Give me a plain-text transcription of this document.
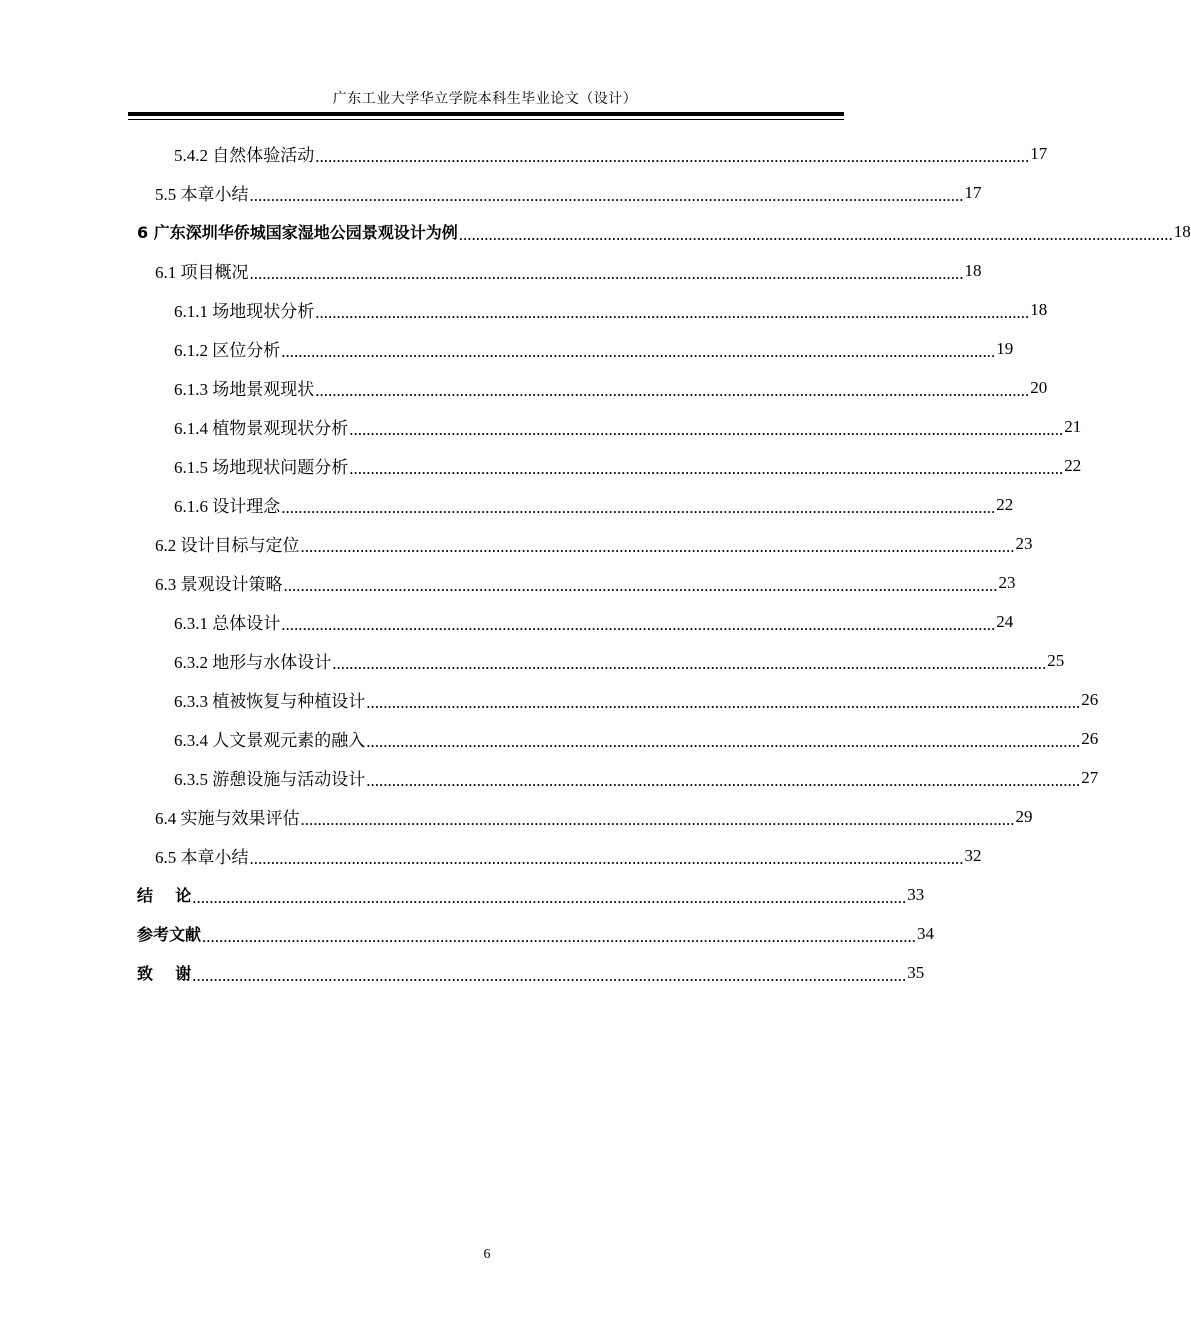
广东工业大学华立学院本科生毕业论文（设计）
5.4.2 自然体验活动 ........................................................................................................................................................................ 17
5.5 本章小结 ........................................................................................................................................................................ 17
6 广东深圳华侨城国家湿地公园景观设计为例 ........................................................................................................................................................................ 18
6.1 项目概况 ........................................................................................................................................................................ 18
6.1.1 场地现状分析 ........................................................................................................................................................................ 18
6.1.2 区位分析 ........................................................................................................................................................................ 19
6.1.3 场地景观现状 ........................................................................................................................................................................ 20
6.1.4 植物景观现状分析 ........................................................................................................................................................................ 21
6.1.5 场地现状问题分析 ........................................................................................................................................................................ 22
6.1.6 设计理念 ........................................................................................................................................................................ 22
6.2 设计目标与定位 ........................................................................................................................................................................ 23
6.3 景观设计策略 ........................................................................................................................................................................ 23
6.3.1 总体设计 ........................................................................................................................................................................ 24
6.3.2 地形与水体设计 ........................................................................................................................................................................ 25
6.3.3 植被恢复与种植设计 ........................................................................................................................................................................ 26
6.3.4 人文景观元素的融入 ........................................................................................................................................................................ 26
6.3.5 游憩设施与活动设计 ........................................................................................................................................................................ 27
6.4 实施与效果评估 ........................................................................................................................................................................ 29
6.5 本章小结 ........................................................................................................................................................................ 32
结    论 ........................................................................................................................................................................ 33
参考文献 ........................................................................................................................................................................ 34
致    谢 ........................................................................................................................................................................ 35
6
